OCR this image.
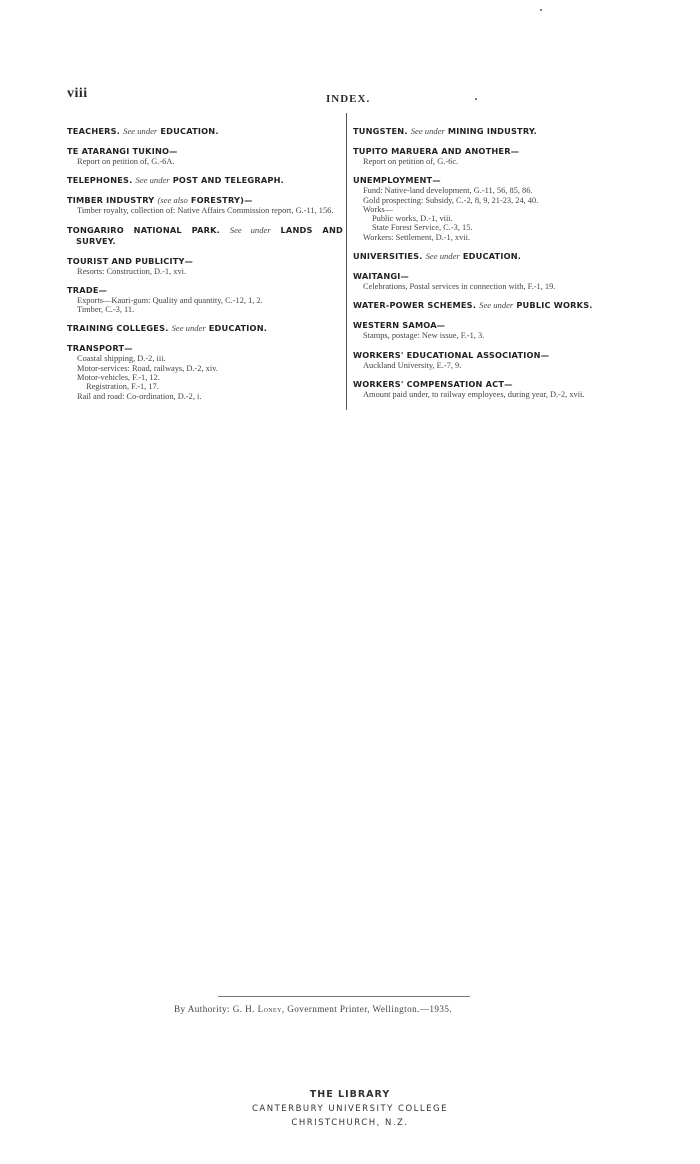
viii	INDEX.
TEACHERS. See under EDUCATION.
TE ATARANGI TUKINO—
Report on petition of, G.-6A.
TELEPHONES. See under POST AND TELEGRAPH.
TIMBER INDUSTRY (see also FORESTRY)—
Timber royalty, collection of: Native Affairs Commission report, G.-11, 156.
TONGARIRO NATIONAL PARK. See under LANDS AND SURVEY.
TOURIST AND PUBLICITY—
Resorts: Construction, D.-1, xvi.
TRADE—
Exports—Kauri-gum: Quality and quantity, C.-12, 1, 2.
Timber, C.-3, 11.
TRAINING COLLEGES. See under EDUCATION.
TRANSPORT—
Coastal shipping, D.-2, iii.
Motor-services: Road, railways, D.-2, xiv.
Motor-vehicles, F.-1, 12.
Registration, F.-1, 17.
Rail and road: Co-ordination, D.-2, i.
TUNGSTEN. See under MINING INDUSTRY.
TUPITO MARUERA AND ANOTHER—
Report on petition of, G.-6c.
UNEMPLOYMENT—
Fund: Native-land development, G.-11, 56, 85, 86.
Gold prospecting: Subsidy, C.-2, 8, 9, 21-23, 24, 40.
Works—
Public works, D.-1, viii.
State Forest Service, C.-3, 15.
Workers: Settlement, D.-1, xvii.
UNIVERSITIES. See under EDUCATION.
WAITANGI—
Celebrations, Postal services in connection with, F.-1, 19.
WATER-POWER SCHEMES. See under PUBLIC WORKS.
WESTERN SAMOA—
Stamps, postage: New issue, F.-1, 3.
WORKERS' EDUCATIONAL ASSOCIATION—
Auckland University, E.-7, 9.
WORKERS' COMPENSATION ACT—
Amount paid under, to railway employees, during year, D.-2, xvii.
By Authority: G. H. Loney, Government Printer, Wellington.—1935.
THE LIBRARY
CANTERBURY UNIVERSITY COLLEGE
CHRISTCHURCH, N.Z.
